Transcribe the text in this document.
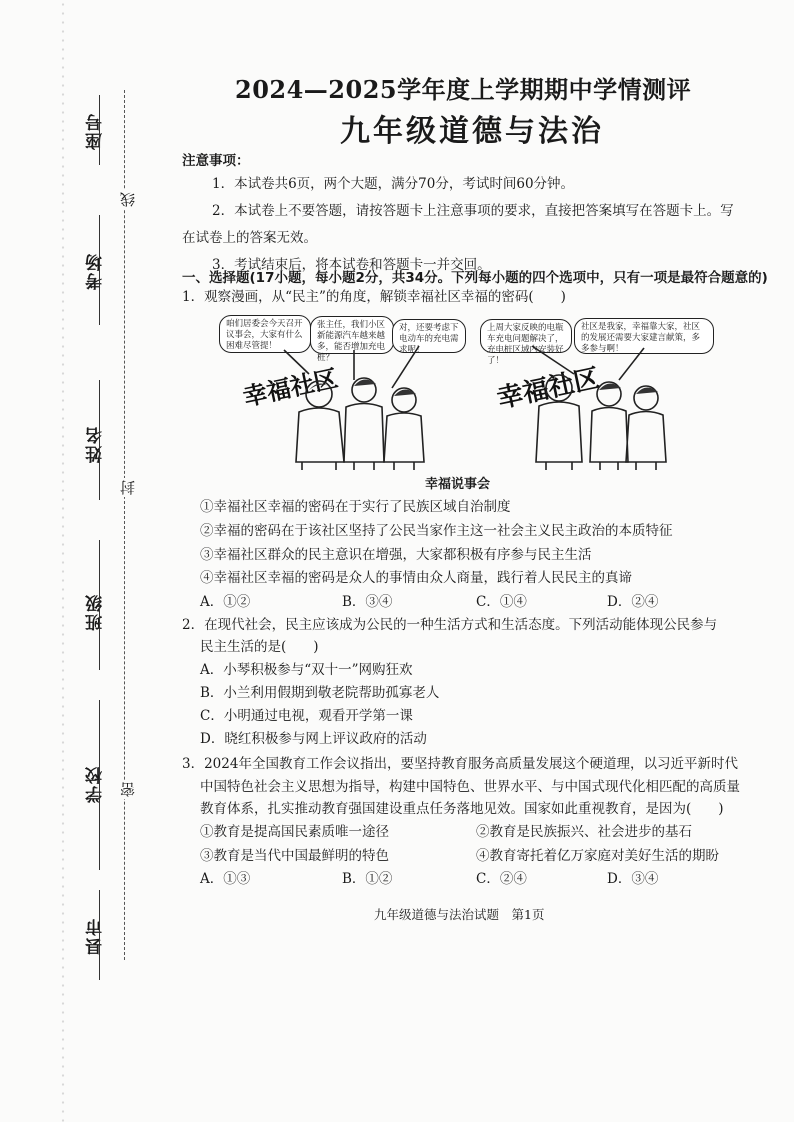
线
封
密
座号
考场
姓名
班级
学校
县市
2024—2025学年度上学期期中学情测评
九年级道德与法治
注意事项：
1．本试卷共6页，两个大题，满分70分，考试时间60分钟。
2．本试卷上不要答题，请按答题卡上注意事项的要求，直接把答案填写在答题卡上。写
在试卷上的答案无效。
3．考试结束后，将本试卷和答题卡一并交回。
一、选择题(17小题，每小题2分，共34分。下列每小题的四个选项中，只有一项是最符合题意的)
1．观察漫画，从“民主”的角度，解锁幸福社区幸福的密码(　　)
咱们居委会今天召开议事会，大家有什么困难尽管提！
张主任，我们小区新能源汽车越来越多，能否增加充电桩？
对，还要考虑下电动车的充电需求呢！
上周大家反映的电瓶车充电问题解决了，充电桩区域内安装好了！
社区是我家，幸福靠大家，社区的发展还需要大家建言献策，多多参与啊！
幸福社区	幸福社区
幸福说事会
①幸福社区幸福的密码在于实行了民族区域自治制度
②幸福的密码在于该社区坚持了公民当家作主这一社会主义民主政治的本质特征
③幸福社区群众的民主意识在增强，大家都积极有序参与民主生活
④幸福社区幸福的密码是众人的事情由众人商量，践行着人民民主的真谛
A．①②	B．③④	C．①④	D．②④
2．在现代社会，民主应该成为公民的一种生活方式和生活态度。下列活动能体现公民参与
民主生活的是(　　)
A．小琴积极参与“双十一”网购狂欢
B．小兰利用假期到敬老院帮助孤寡老人
C．小明通过电视，观看开学第一课
D．晓红积极参与网上评议政府的活动
3．2024年全国教育工作会议指出，要坚持教育服务高质量发展这个硬道理，以习近平新时代
中国特色社会主义思想为指导，构建中国特色、世界水平、与中国式现代化相匹配的高质量
教育体系，扎实推动教育强国建设重点任务落地见效。国家如此重视教育，是因为(　　)
①教育是提高国民素质唯一途径	②教育是民族振兴、社会进步的基石
③教育是当代中国最鲜明的特色	④教育寄托着亿万家庭对美好生活的期盼
A．①③	B．①②	C．②④	D．③④
九年级道德与法治试题　第1页
